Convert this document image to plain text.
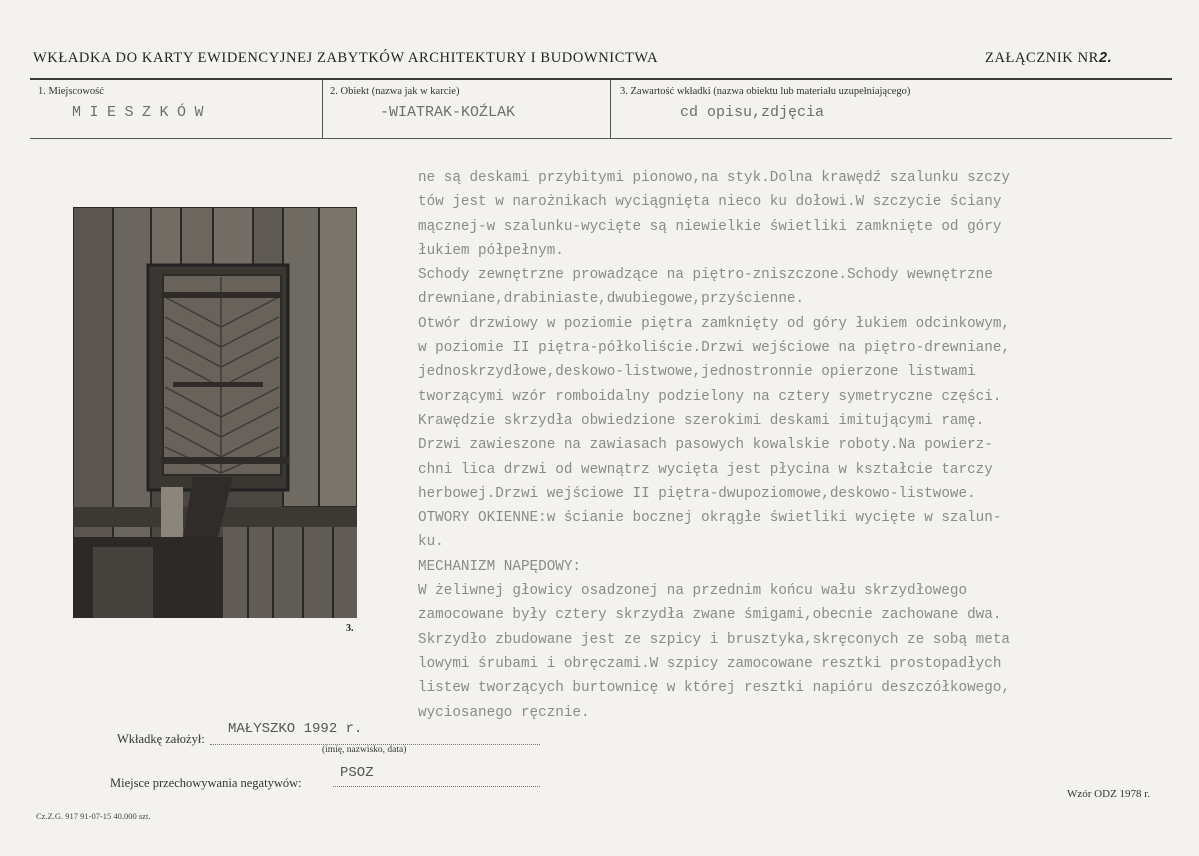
WKŁADKA DO KARTY EWIDENCYJNEJ ZABYTKÓW ARCHITEKTURY I BUDOWNICTWA	ZAŁĄCZNIK NR2.
1. Miejscowość
MIESZKÓW
2. Obiekt (nazwa jak w karcie)
-WIATRAK-KOŹLAK
3. Zawartość wkładki (nazwa obiektu lub materiału uzupełniającego)
cd opisu,zdjęcia
3.
ne są deskami przybitymi pionowo,na styk.Dolna krawędź szalunku szczy
tów jest w narożnikach wyciągnięta nieco ku dołowi.W szczycie ściany
mącznej-w szalunku-wycięte są niewielkie świetliki zamknięte od góry
łukiem półpełnym.
Schody zewnętrzne prowadzące na piętro-zniszczone.Schody wewnętrzne
drewniane,drabiniaste,dwubiegowe,przyścienne.
Otwór drzwiowy w poziomie piętra zamknięty od góry łukiem odcinkowym,
w poziomie II piętra-półkoliście.Drzwi wejściowe na piętro-drewniane,
jednoskrzydłowe,deskowo-listwowe,jednostronnie opierzone listwami
tworzącymi wzór romboidalny podzielony na cztery symetryczne części.
Krawędzie skrzydła obwiedzione szerokimi deskami imitującymi ramę.
Drzwi zawieszone na zawiasach pasowych kowalskie roboty.Na powierz-
chni lica drzwi od wewnątrz wycięta jest płycina w kształcie tarczy
herbowej.Drzwi wejściowe II piętra-dwupoziomowe,deskowo-listwowe.
OTWORY OKIENNE:w ścianie bocznej okrągłe świetliki wycięte w szalun-
ku.
MECHANIZM NAPĘDOWY:
W żeliwnej głowicy osadzonej na przednim końcu wału skrzydłowego
zamocowane były cztery skrzydła zwane śmigami,obecnie zachowane dwa.
Skrzydło zbudowane jest ze szpicy i brusztyka,skręconych ze sobą meta
lowymi śrubami i obręczami.W szpicy zamocowane resztki prostopadłych
listew tworzących burtownicę w której resztki napióru deszczółkowego,
wyciosanego ręcznie.
Wkładkę założył:
MAŁYSZKO 1992 r.
(imię, nazwisko, data)
Miejsce przechowywania negatywów:
PSOZ
Cz.Z.G. 917 91-07-15 40.000 szt.
Wzór ODZ 1978 r.
